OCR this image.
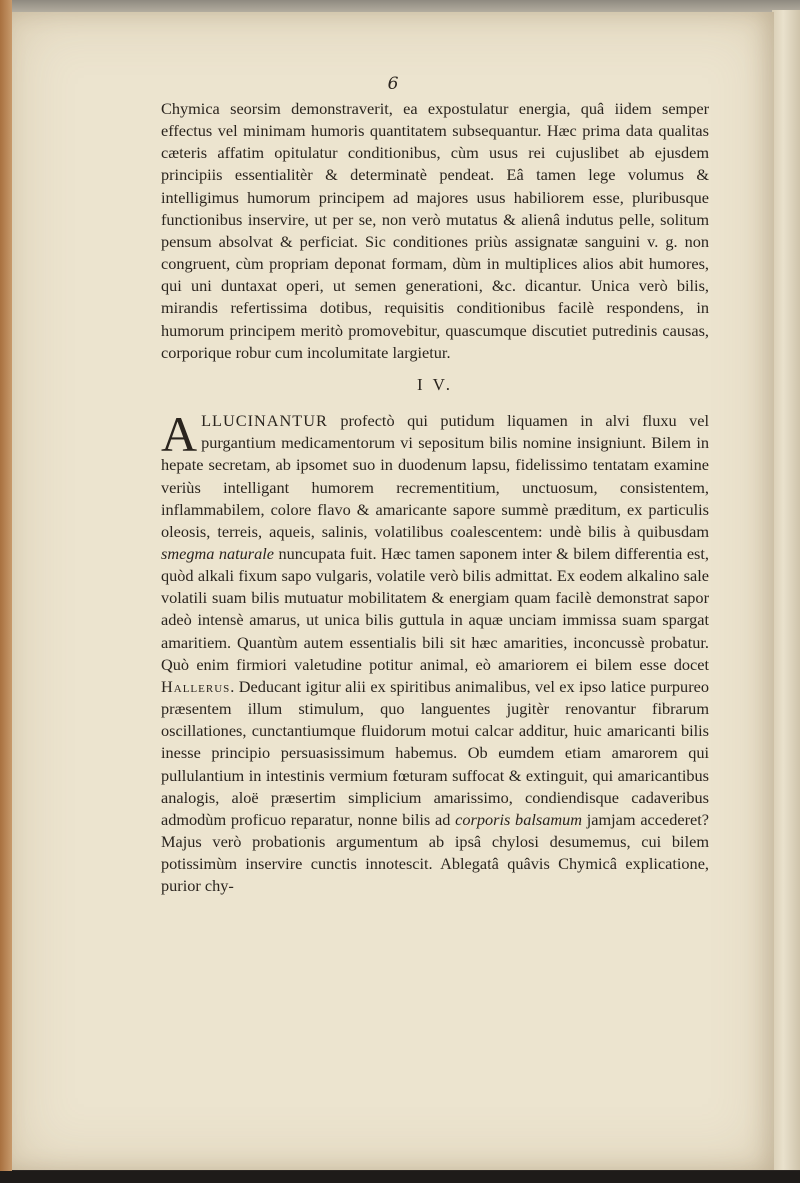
6

Chymica seorsim demonstraverit, ea expostulatur energia, quâ iidem semper effectus vel minimam humoris quantitatem subsequantur. Hæc prima data qualitas cæteris affatim opitulatur conditionibus, cùm usus rei cujuslibet ab ejusdem principiis essentialitèr & determinatè pendeat. Eâ tamen lege volumus & intelligimus humorum principem ad majores usus habiliorem esse, pluribusque functionibus inservire, ut per se, non verò mutatus & alienâ indutus pelle, solitum pensum absolvat & perficiat. Sic conditiones priùs assignatæ sanguini v. g. non congruent, cùm propriam deponat formam, dùm in multiplices alios abit humores, qui uni duntaxat operi, ut semen generationi, &c. dicantur. Unica verò bilis, mirandis refertissima dotibus, requisitis conditionibus facilè respondens, in humorum principem meritò promovebitur, quascumque discutiet putredinis causas, corporique robur cum incolumitate largietur.

I V.

ALLUCINANTUR profectò qui putidum liquamen in alvi fluxu vel purgantium medicamentorum vi sepositum bilis nomine insigniunt. Bilem in hepate secretam, ab ipsomet suo in duodenum lapsu, fidelissimo tentatam examine veriùs intelligant humorem recrementitium, unctuosum, consistentem, inflammabilem, colore flavo & amaricante sapore summè præditum, ex particulis oleosis, terreis, aqueis, salinis, volatilibus coalescentem: undè bilis à quibusdam smegma naturale nuncupata fuit. Hæc tamen saponem inter & bilem differentia est, quòd alkali fixum sapo vulgaris, volatile verò bilis admittat. Ex eodem alkalino sale volatili suam bilis mutuatur mobilitatem & energiam quam facilè demonstrat sapor adeò intensè amarus, ut unica bilis guttula in aquæ unciam immissa suam spargat amaritiem. Quantùm autem essentialis bili sit hæc amarities, inconcussè probatur. Quò enim firmiori valetudine potitur animal, eò amariorem ei bilem esse docet Hallerus. Deducant igitur alii ex spiritibus animalibus, vel ex ipso latice purpureo præsentem illum stimulum, quo languentes jugitèr renovantur fibrarum oscillationes, cunctantiumque fluidorum motui calcar additur, huic amaricanti bilis inesse principio persuasissimum habemus. Ob eumdem etiam amarorem qui pullulantium in intestinis vermium fœturam suffocat & extinguit, qui amaricantibus analogis, aloë præsertim simplicium amarissimo, condiendisque cadaveribus admodùm proficuo reparatur, nonne bilis ad corporis balsamum jamjam accederet? Majus verò probationis argumentum ab ipsâ chylosi desumemus, cui bilem potissimùm inservire cunctis innotescit. Ablegatâ quâvis Chymicâ explicatione, purior chy-
